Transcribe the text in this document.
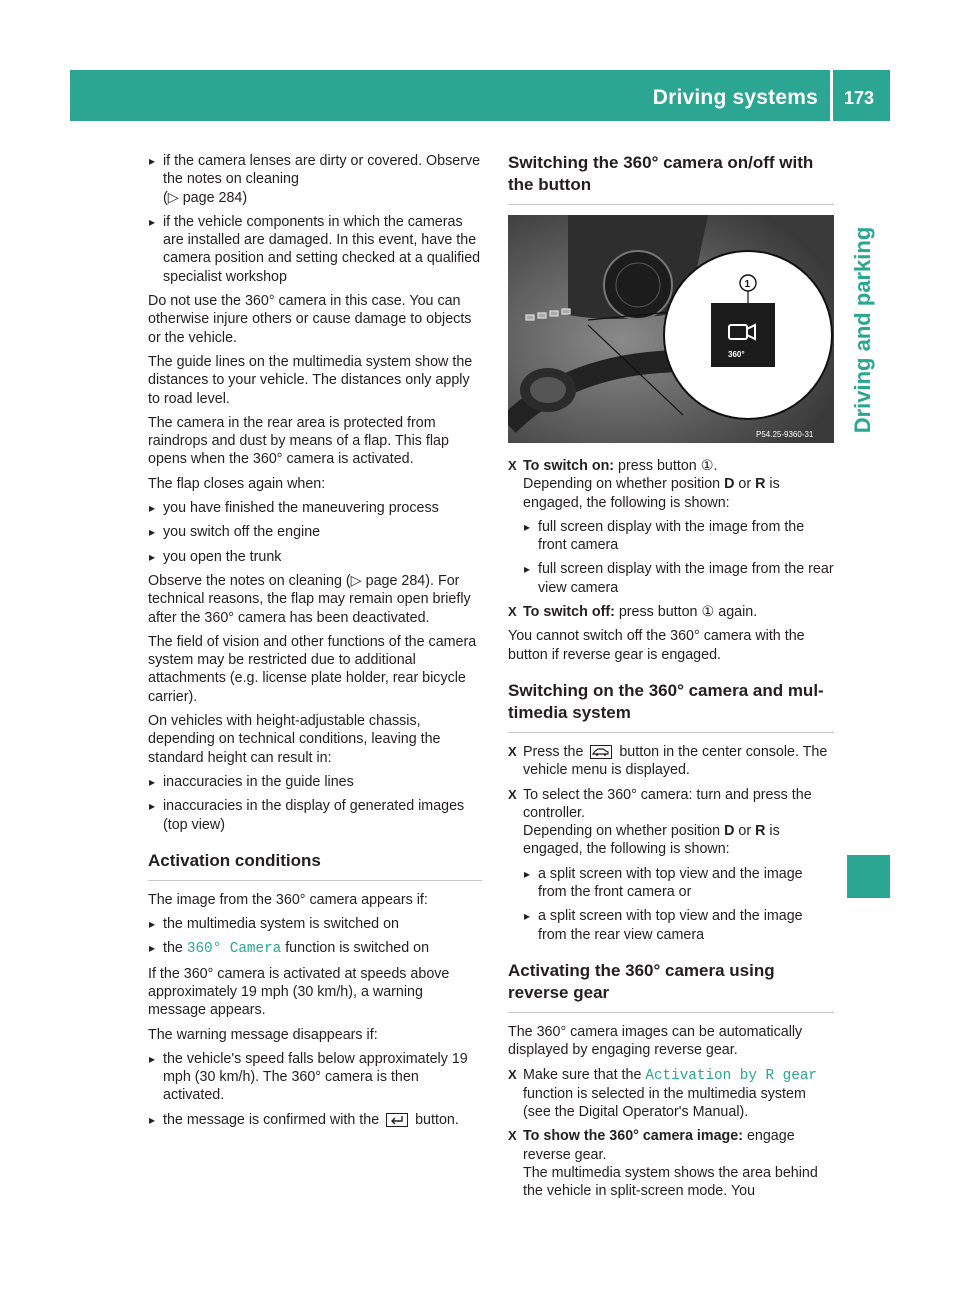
Driving systems 173
Driving and parking
▸ if the camera lenses are dirty or covered. Observe the notes on cleaning
(▷ page 284)
▸ if the vehicle components in which the cameras are installed are damaged. In this event, have the camera position and setting checked at a qualified specialist workshop

Do not use the 360° camera in this case. You can otherwise injure others or cause damage to objects or the vehicle.

The guide lines on the multimedia system show the distances to your vehicle. The distances only apply to road level.

The camera in the rear area is protected from raindrops and dust by means of a flap. This flap opens when the 360° camera is activated.

The flap closes again when:

▸ you have finished the maneuvering process
▸ you switch off the engine
▸ you open the trunk

Observe the notes on cleaning (▷ page 284). For technical reasons, the flap may remain open briefly after the 360° camera has been deactivated.

The field of vision and other functions of the camera system may be restricted due to additional attachments (e.g. license plate holder, rear bicycle carrier).

On vehicles with height-adjustable chassis, depending on technical conditions, leaving the standard height can result in:

▸ inaccuracies in the guide lines
▸ inaccuracies in the display of generated images (top view)
Activation conditions

The image from the 360° camera appears if:

▸ the multimedia system is switched on
▸ the 360° Camera function is switched on

If the 360° camera is activated at speeds above approximately 19 mph (30 km/h), a warning message appears.

The warning message disappears if:

▸ the vehicle's speed falls below approximately 19 mph (30 km/h). The 360° camera is then activated.
▸ the message is confirmed with the
button.
Switching the 360° camera on/off with the button
360°
1
P54.25-9360-31
X To switch on: press button ①.
Depending on whether position D or R is engaged, the following is shown:
▸ full screen display with the image from the front camera
▸ full screen display with the image from the rear view camera
X To switch off: press button ① again.

You cannot switch off the 360° camera with the button if reverse gear is engaged.

Switching on the 360° camera and multimedia system
X Press the
button in the center console. The vehicle menu is displayed.
X To select the 360° camera: turn and press the controller.
Depending on whether position D or R is engaged, the following is shown:
▸ a split screen with top view and the image from the front camera or
▸ a split screen with top view and the image from the rear view camera
Activating the 360° camera using reverse gear

The 360° camera images can be automatically displayed by engaging reverse gear.

X Make sure that the Activation by R gear function is selected in the multimedia system (see the Digital Operator's Manual).
X To show the 360° camera image: engage reverse gear.
The multimedia system shows the area behind the vehicle in split-screen mode. You
